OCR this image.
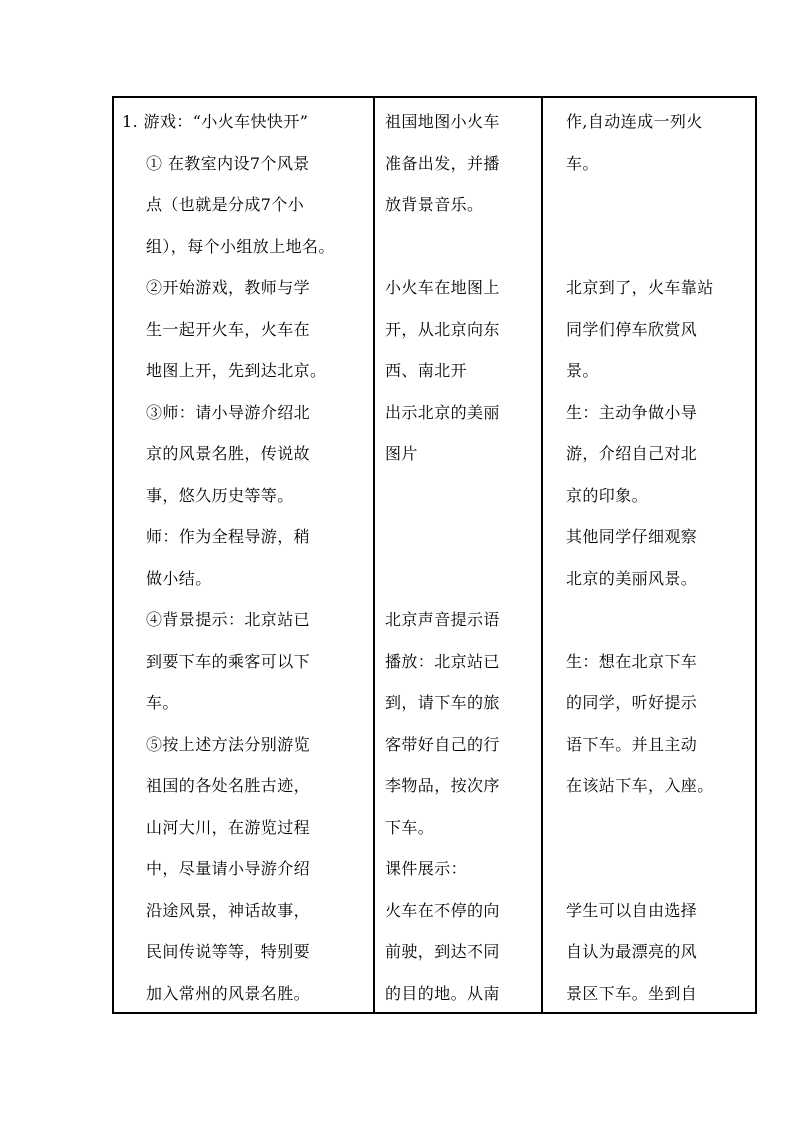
1. 游戏：“小火车快快开”
① 在教室内设7个风景
点（也就是分成7个小
组），每个小组放上地名。
②开始游戏，教师与学
生一起开火车，火车在
地图上开，先到达北京。
③师：请小导游介绍北
京的风景名胜，传说故
事，悠久历史等等。
师：作为全程导游，稍
做小结。
④背景提示：北京站已
到要下车的乘客可以下
车。
⑤按上述方法分别游览
祖国的各处名胜古迹，
山河大川，在游览过程
中，尽量请小导游介绍
沿途风景，神话故事，
民间传说等等，特别要
加入常州的风景名胜。
祖国地图小火车
准备出发，并播
放背景音乐。
小火车在地图上
开，从北京向东
西、南北开
出示北京的美丽
图片
北京声音提示语
播放：北京站已
到，请下车的旅
客带好自己的行
李物品，按次序
下车。
课件展示：
火车在不停的向
前驶，到达不同
的目的地。从南
作,自动连成一列火
车。
北京到了，火车靠站
同学们停车欣赏风
景。
生：主动争做小导
游，介绍自己对北
京的印象。
其他同学仔细观察
北京的美丽风景。
生：想在北京下车
的同学，听好提示
语下车。并且主动
在该站下车，入座。
学生可以自由选择
自认为最漂亮的风
景区下车。坐到自
